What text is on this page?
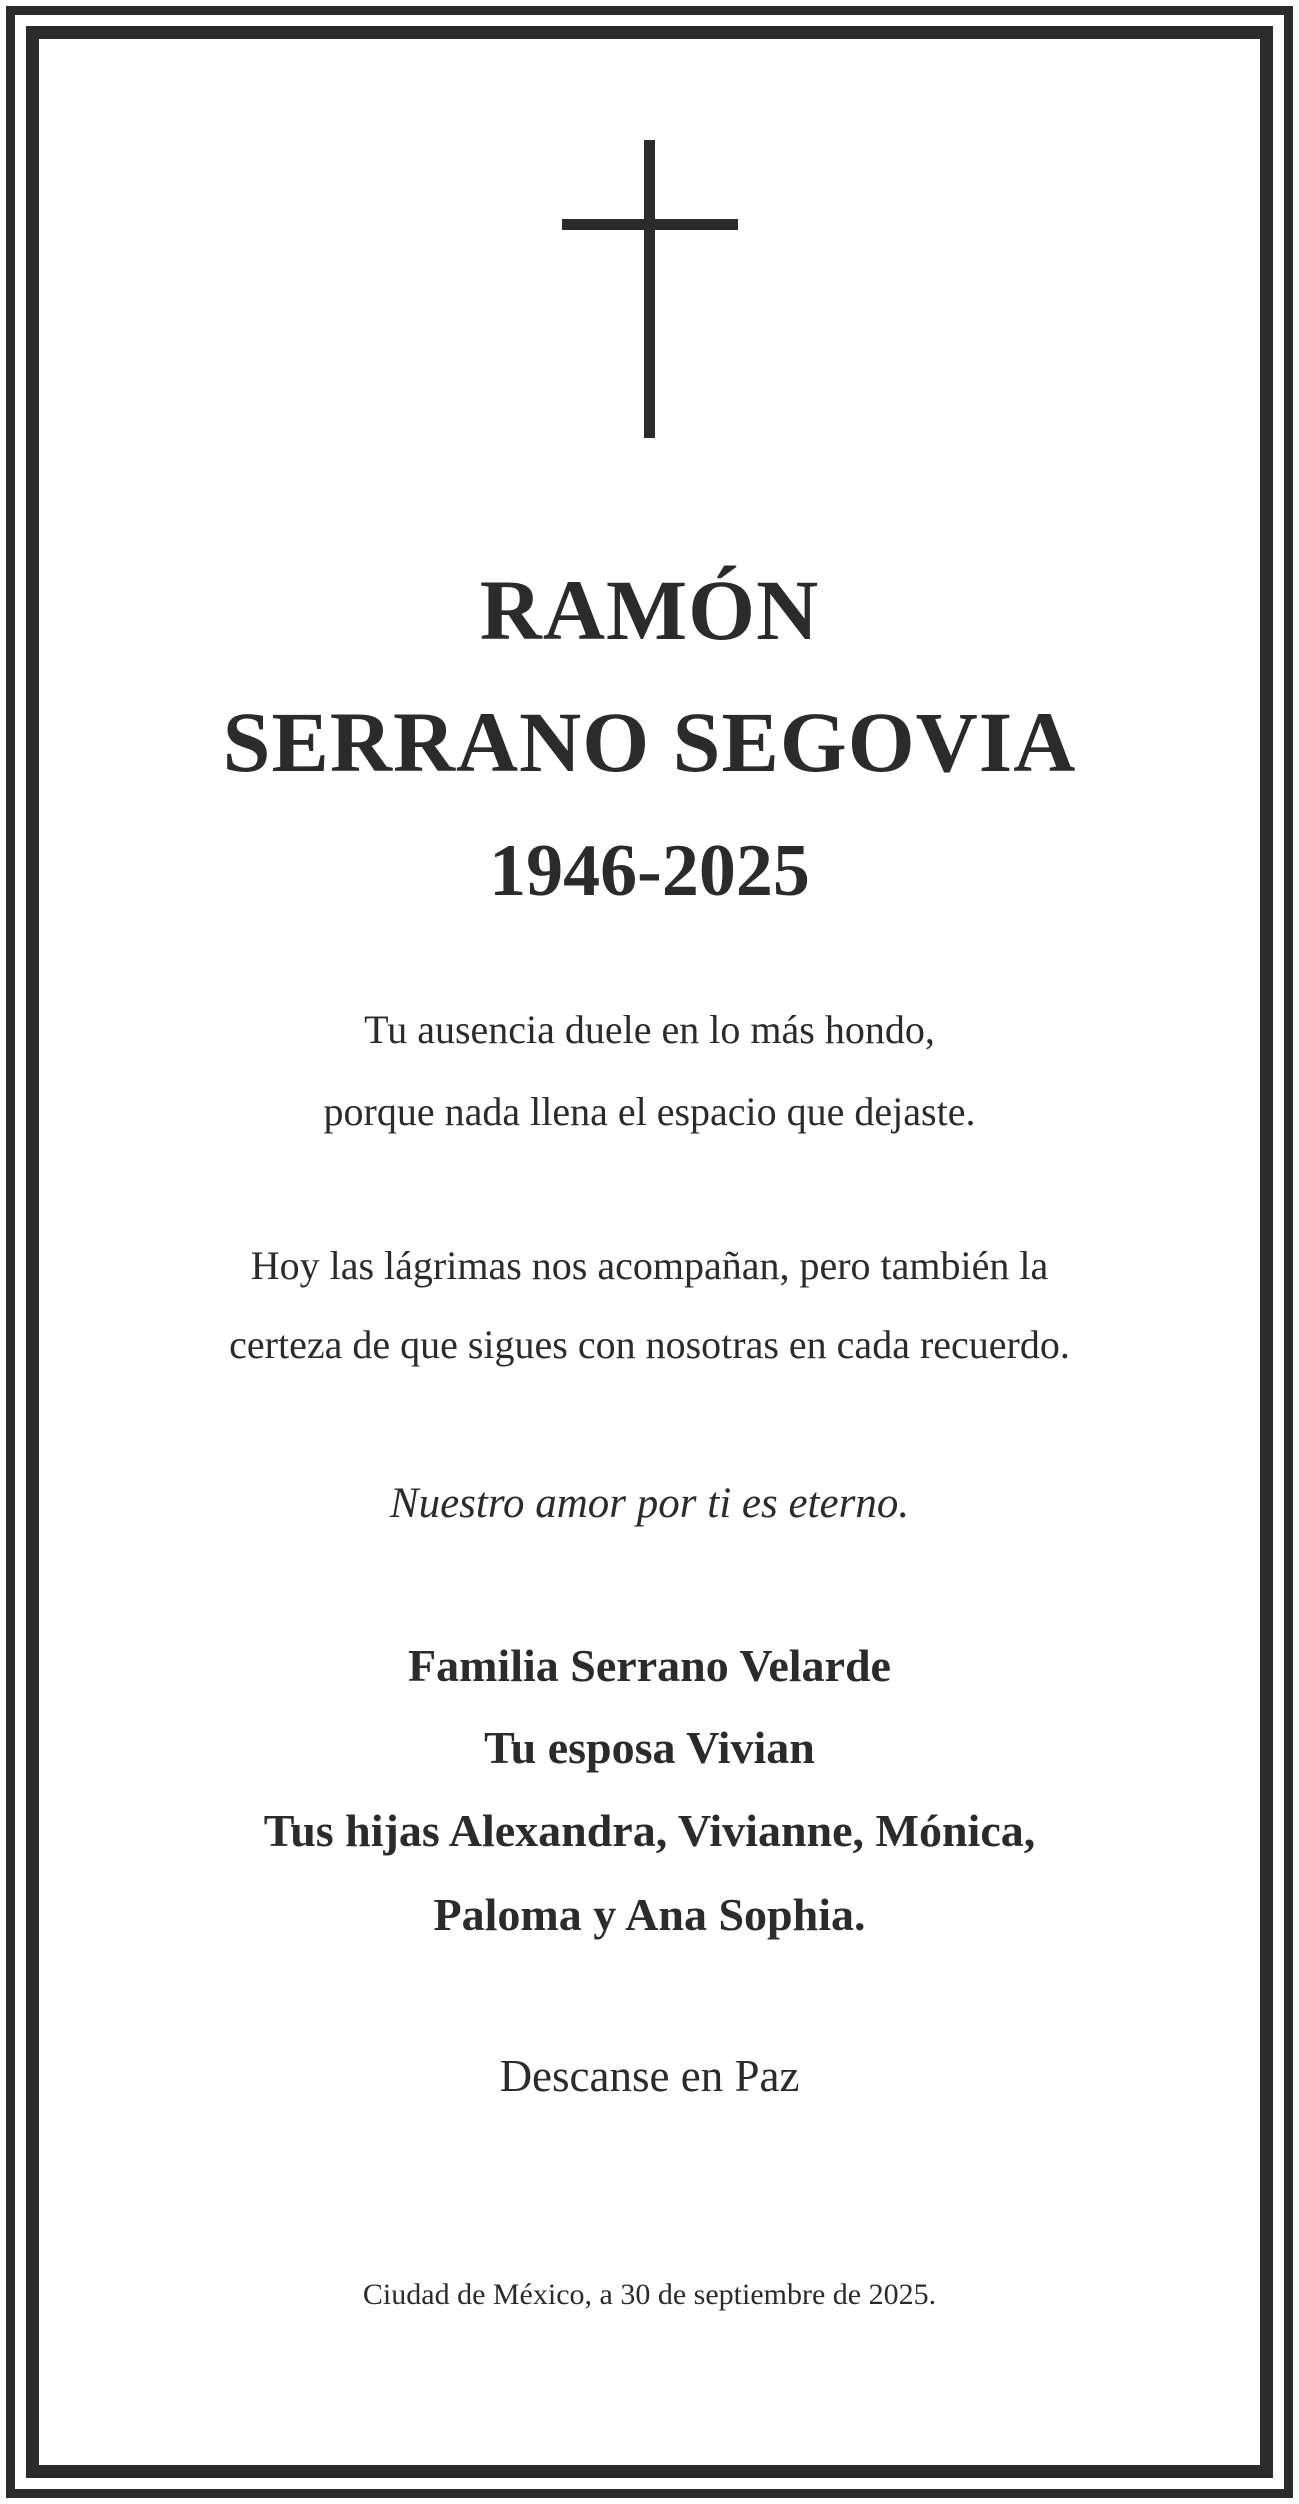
RAMÓN
SERRANO SEGOVIA
1946-2025
Tu ausencia duele en lo más hondo,
porque nada llena el espacio que dejaste.
Hoy las lágrimas nos acompañan, pero también la
certeza de que sigues con nosotras en cada recuerdo.
Nuestro amor por ti es eterno.
Familia Serrano Velarde
Tu esposa Vivian
Tus hijas Alexandra, Vivianne, Mónica,
Paloma y Ana Sophia.
Descanse en Paz
Ciudad de México, a 30 de septiembre de 2025.
